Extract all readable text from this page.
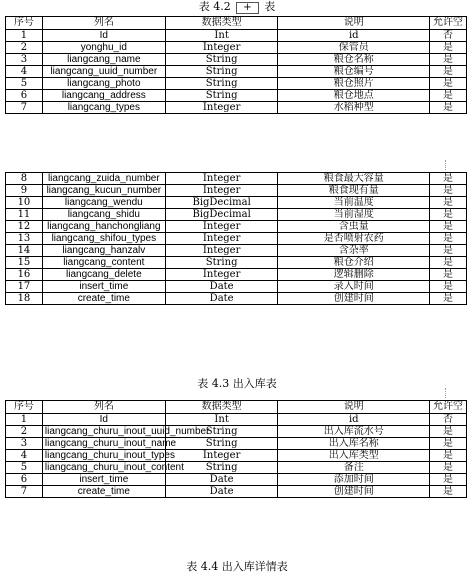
表 4.2 + 表
序号	列名	数据类型	说明	允许空
1	Id	Int	id	否
2	yonghu_id	Integer	保管员	是
3	liangcang_name	String	粮仓名称	是
4	liangcang_uuid_number	String	粮仓编号	是
5	liangcang_photo	String	粮仓照片	是
6	liangcang_address	String	粮仓地点	是
7	liangcang_types	Integer	水稻种型	是
8	liangcang_zuida_number	Integer	粮食最大容量	是
9	liangcang_kucun_number	Integer	粮食现有量	是
10	liangcang_wendu	BigDecimal	当前温度	是
11	liangcang_shidu	BigDecimal	当前湿度	是
12	liangcang_hanchongliang	Integer	含虫量	是
13	liangcang_shifou_types	Integer	是否喷射农药	是
14	liangcang_hanzalv	Integer	含杂率	是
15	liangcang_content	String	粮仓介绍	是
16	liangcang_delete	Integer	逻辑删除	是
17	insert_time	Date	录入时间	是
18	create_time	Date	创建时间	是
表 4.3 出入库表
序号	列名	数据类型	说明	允许空
1	Id	Int	id	否
2	liangcang_churu_inout_uuid_number	String	出入库流水号	是
3	liangcang_churu_inout_name	String	出入库名称	是
4	liangcang_churu_inout_types	Integer	出入库类型	是
5	liangcang_churu_inout_content	String	备注	是
6	insert_time	Date	添加时间	是
7	create_time	Date	创建时间	是
表 4.4 出入库详情表
